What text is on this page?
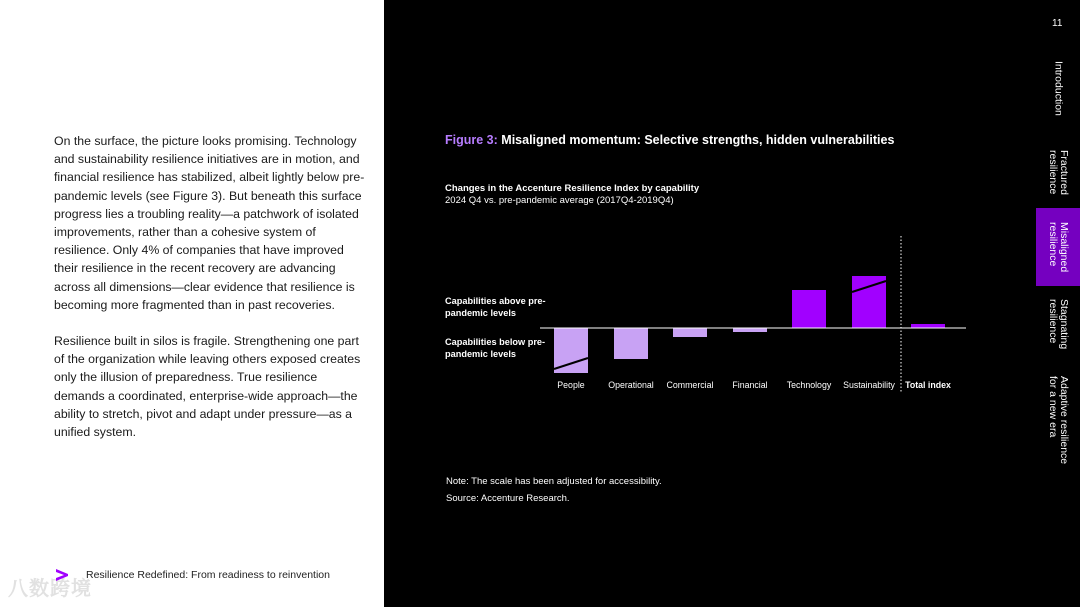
On the surface, the picture looks promising. Technology and sustainability resilience initiatives are in motion, and financial resilience has stabilized, albeit lightly below pre-pandemic levels (see Figure 3). But beneath this surface progress lies a troubling reality—a patchwork of isolated improvements, rather than a cohesive system of resilience. Only 4% of companies that have improved their resilience in the recent recovery are advancing across all dimensions—clear evidence that resilience is becoming more fragmented than in past recoveries.

Resilience built in silos is fragile. Strengthening one part of the organization while leaving others exposed creates only the illusion of preparedness. True resilience demands a coordinated, enterprise-wide approach—the ability to stretch, pivot and adapt under pressure—as a unified system.

八数跨境
Resilience Redefined: From readiness to reinvention
11
Introduction
Fractured
resilience
Misaligned
resilience
Stagnating
resilience
Adaptive resilience
for a new era
Figure 3: Misaligned momentum: Selective strengths, hidden vulnerabilities
Changes in the Accenture Resilience Index by capability
2024 Q4 vs. pre-pandemic average (2017Q4-2019Q4)
Capabilities above pre-pandemic levels
Capabilities below pre-pandemic levels
People	Operational Commercial Financial Technology Sustainability Total index
Note: The scale has been adjusted for accessibility.
Source: Accenture Research.
